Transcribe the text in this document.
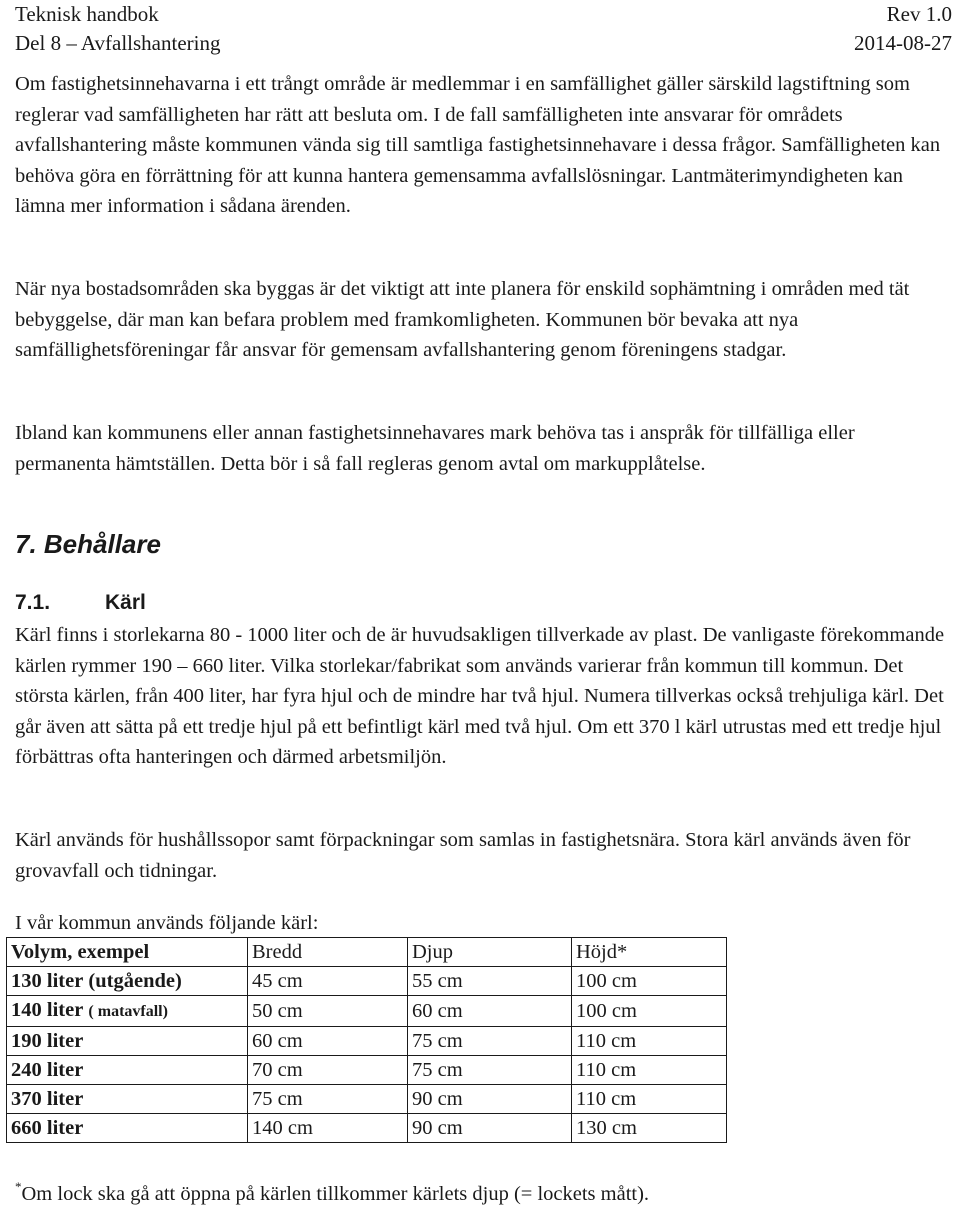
Teknisk handbok	Rev 1.0
Del 8 – Avfallshantering	2014-08-27

Om fastighetsinnehavarna i ett trångt område är medlemmar i en samfällighet gäller särskild lagstiftning som reglerar vad samfälligheten har rätt att besluta om. I de fall samfälligheten inte ansvarar för områdets avfallshantering måste kommunen vända sig till samtliga fastighetsinnehavare i dessa frågor. Samfälligheten kan behöva göra en förrättning för att kunna hantera gemensamma avfallslösningar. Lantmäterimyndigheten kan lämna mer information i sådana ärenden.

När nya bostadsområden ska byggas är det viktigt att inte planera för enskild sophämtning i områden med tät bebyggelse, där man kan befara problem med framkomligheten. Kommunen bör bevaka att nya samfällighetsföreningar får ansvar för gemensam avfallshantering genom föreningens stadgar.

Ibland kan kommunens eller annan fastighetsinnehavares mark behöva tas i anspråk för tillfälliga eller permanenta hämtställen. Detta bör i så fall regleras genom avtal om markupplåtelse.

7. Behållare
7.1.	Kärl

Kärl finns i storlekarna 80 - 1000 liter och de är huvudsakligen tillverkade av plast. De vanligaste förekommande kärlen rymmer 190 – 660 liter. Vilka storlekar/fabrikat som används varierar från kommun till kommun. Det största kärlen, från 400 liter, har fyra hjul och de mindre har två hjul. Numera tillverkas också trehjuliga kärl. Det går även att sätta på ett tredje hjul på ett befintligt kärl med två hjul. Om ett 370 l kärl utrustas med ett tredje hjul förbättras ofta hanteringen och därmed arbetsmiljön.

Kärl används för hushållssopor samt förpackningar som samlas in fastighetsnära. Stora kärl används även för grovavfall och tidningar.

I vår kommun används följande kärl:

Volym, exempel	Bredd	Djup	Höjd*
130 liter (utgående)	45 cm	55 cm	100 cm
140 liter ( matavfall)	50 cm	60 cm	100 cm
190 liter	60 cm	75 cm	110 cm
240 liter	70 cm	75 cm	110 cm
370 liter	75 cm	90 cm	110 cm
660 liter	140 cm	90 cm	130 cm
*Om lock ska gå att öppna på kärlen tillkommer kärlets djup (= lockets mått).
